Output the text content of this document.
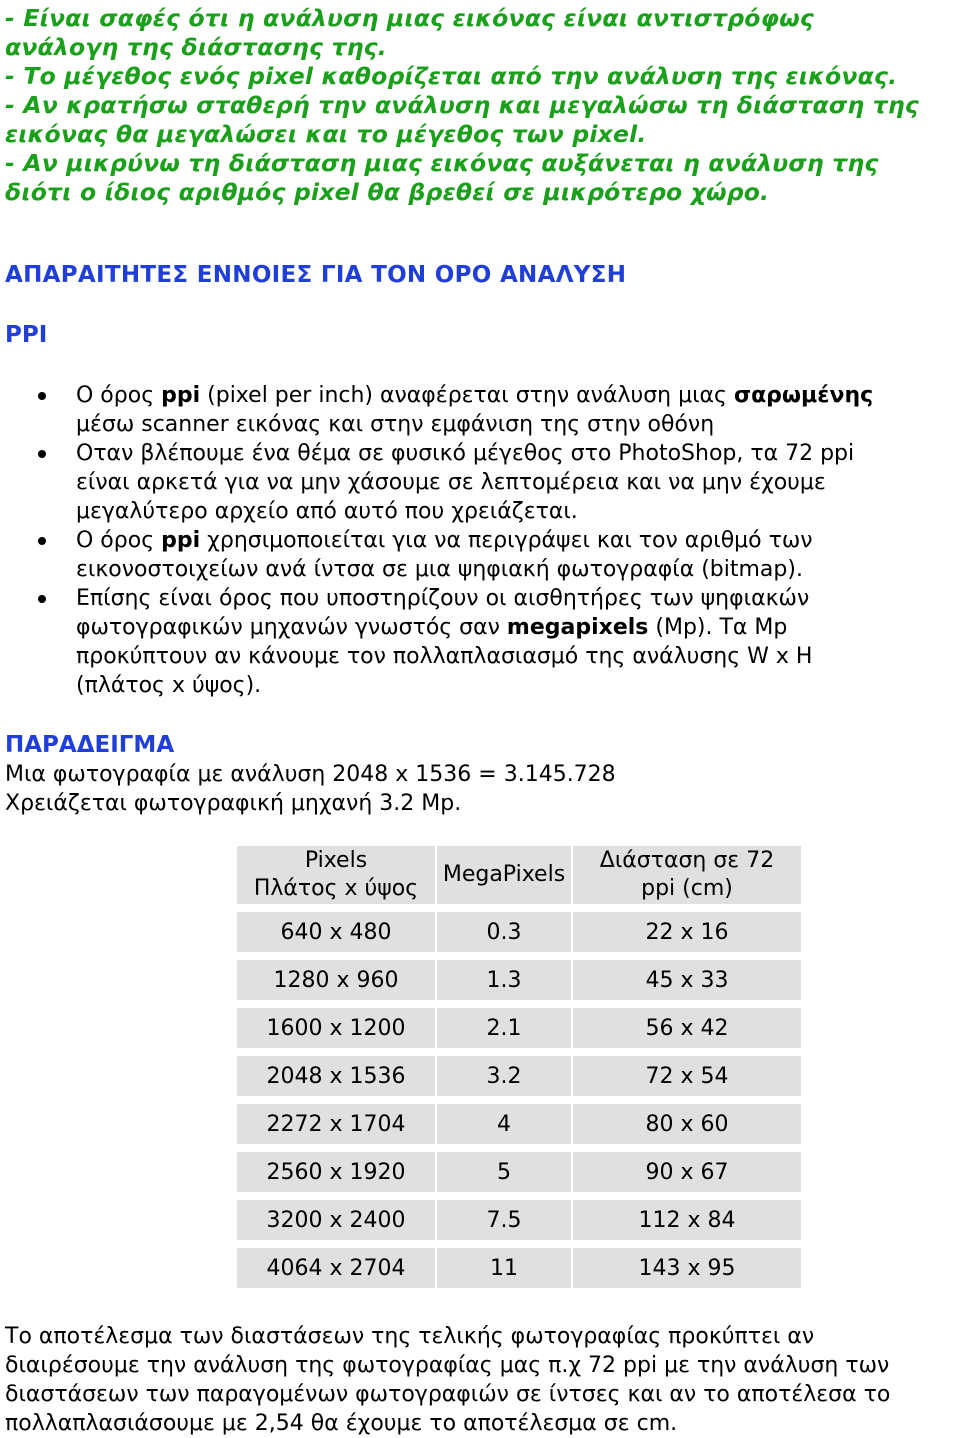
- Είναι σαφές ότι η ανάλυση μιας εικόνας είναι αντιστρόφως
ανάλογη της διάστασης της.
- Το μέγεθος ενός pixel καθορίζεται από την ανάλυση της εικόνας.
- Αν κρατήσω σταθερή την ανάλυση και μεγαλώσω τη διάσταση της
εικόνας θα μεγαλώσει και το μέγεθος των pixel.
- Αν μικρύνω τη διάσταση μιας εικόνας αυξάνεται η ανάλυση της
διότι ο ίδιος αριθμός pixel θα βρεθεί σε μικρότερο χώρο.
ΑΠΑΡΑΙΤΗΤΕΣ ΕΝΝΟΙΕΣ ΓΙΑ ΤΟΝ ΟΡΟ ΑΝΑΛΥΣΗ
PPI
Ο όρος ppi (pixel per inch) αναφέρεται στην ανάλυση μιας σαρωμένης
μέσω scanner εικόνας και στην εμφάνιση της στην οθόνη
Οταν βλέπουμε ένα θέμα σε φυσικό μέγεθος στο PhotoShop, τα 72 ppi
είναι αρκετά για να μην χάσουμε σε λεπτομέρεια και να μην έχουμε
μεγαλύτερο αρχείο από αυτό που χρειάζεται.
Ο όρος ppi χρησιμοποιείται για να περιγράψει και τον αριθμό των
εικονοστοιχείων ανά ίντσα σε μια ψηφιακή φωτογραφία (bitmap).
Επίσης είναι όρος που υποστηρίζουν οι αισθητήρες των ψηφιακών
φωτογραφικών μηχανών γνωστός σαν megapixels (Mp). Τα Mp
προκύπτουν αν κάνουμε τον πολλαπλασιασμό της ανάλυσης W x H
(πλάτος x ύψος).
ΠΑΡΑΔΕΙΓΜΑ
Μια φωτογραφία με ανάλυση 2048 x 1536 = 3.145.728
Χρειάζεται φωτογραφική μηχανή 3.2 Mp.
Pixels
Πλάτος x ύψος	MegaPixels	Διάσταση σε 72
ppi (cm)

640 x 480	0.3	22 x 16
1280 x 960	1.3	45 x 33
1600 x 1200	2.1	56 x 42
2048 x 1536	3.2	72 x 54
2272 x 1704	4	80 x 60
2560 x 1920	5	90 x 67
3200 x 2400	7.5	112 x 84
4064 x 2704	11	143 x 95
Το αποτέλεσμα των διαστάσεων της τελικής φωτογραφίας προκύπτει αν
διαιρέσουμε την ανάλυση της φωτογραφίας μας π.χ 72 ppi με την ανάλυση των
διαστάσεων των παραγομένων φωτογραφιών σε ίντσες και αν το αποτέλεσα το
πολλαπλασιάσουμε με 2,54 θα έχουμε το αποτέλεσμα σε cm.
